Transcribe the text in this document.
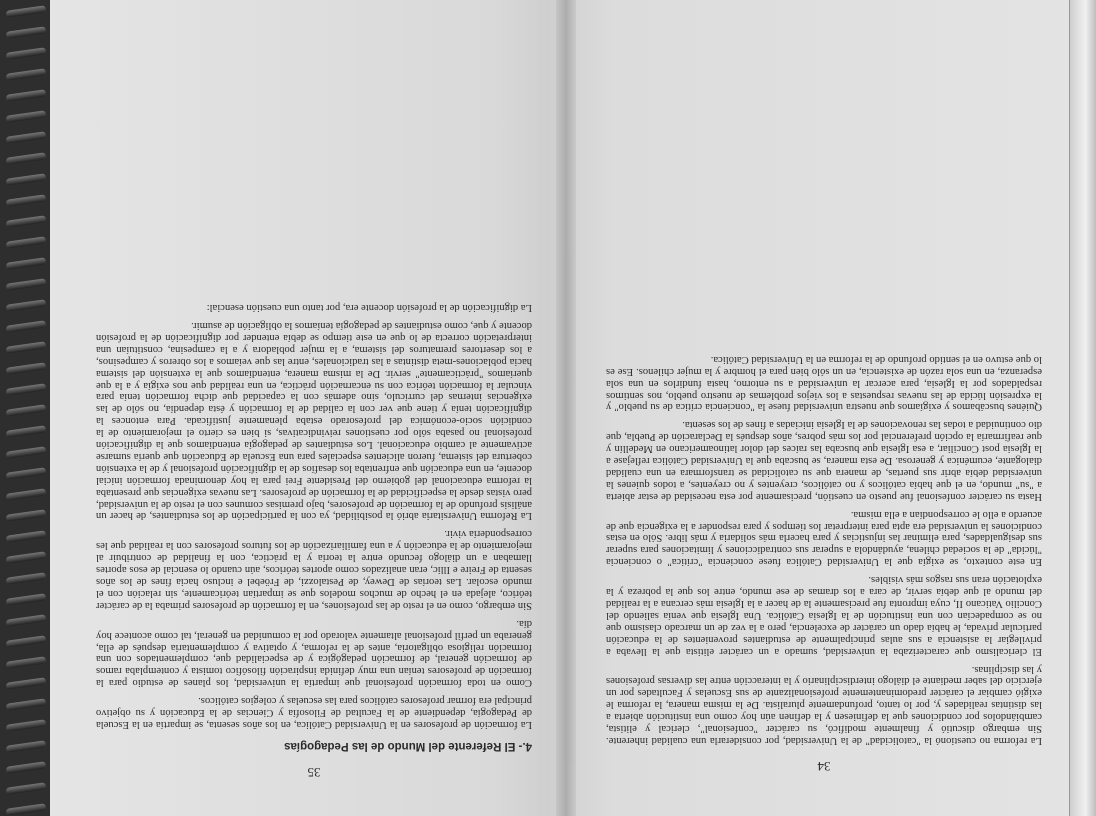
34

La reforma no cuestionó la "catolicidad" de la Universidad, por considerarla una cualidad inherente. Sin embargo discutió y finalmente modificó, su carácter "confesional", clerical y elitista, cambiándolos por condiciones que la definiesen y la definen aún hoy como una institución abierta a las distintas realidades y, por lo tanto, profundamente pluralista. De la misma manera, la reforma le exigió cambiar el carácter predominantemente profesionalizante de sus Escuelas y Facultades por un ejercicio del saber mediante el diálogo interdisciplinario y la interacción entre las diversas profesiones y las disciplinas.

El clericalismo que caracterizaba la universidad, sumado a un carácter elitista que la llevaba a privilegiar la asistencia a sus aulas principalmente de estudiantes provenientes de la educación particular privada, le había dado un carácter de excelencia, pero a la vez de un marcado clasismo que no se compadecían con una institución de la Iglesia Católica. Una Iglesia que venía saliendo del Concilio Vaticano II, cuya impronta fue precisamente la de hacer a la Iglesia más cercana a la realidad del mundo al que debía servir, de cara a los dramas de ese mundo, entre los que la pobreza y la explotación eran sus rasgos más visibles.

En este contexto, se exigía que la Universidad Católica fuese conciencia "crítica" o conciencia "lúcida" de la sociedad chilena, ayudándola a superar sus contradicciones y limitaciones para superar sus desigualdades, para eliminar las injusticias y para hacerla más solidaria y más libre. Sólo en estas condiciones la universidad era apta para interpretar los tiempos y para responder a la exigencia que de acuerdo a ello le correspondían a ella misma.

Hasta su carácter confesional fue puesto en cuestión, precisamente por esta necesidad de estar abierta a "su" mundo, en el que había católicos y no católicos, creyentes y no creyentes, a todos quienes la universidad debía abrir sus puertas, de manera que su catolicidad se transformara en una cualidad dialogante, ecuménica y generosa. De esta manera, se buscaba que la Universidad Católica reflejase a la Iglesia post Conciliar, a esa Iglesia que buscaba las raíces del dolor latinoamericano en Medellín y que reafirmaría la opción preferencial por los más pobres, años después la Declaración de Puebla, que dio continuidad a todas las renovaciones de la Iglesia iniciadas a fines de los sesenta.

Quiénes buscábamos y exigíamos que nuestra universidad fuese la "conciencia crítica de su pueblo" y la expresión lúcida de las nuevas respuestas a los viejos problemas de nuestro pueblo, nos sentimos respaldados por la Iglesia, para acercar la universidad a su entorno, hasta fundirlos en una sola esperanza, en una sola razón de existencia, en un sólo bien para el hombre y la mujer chilenos. Ese es lo que estuvo en el sentido profundo de la reforma en la Universidad Católica.

35
4.- El Referente del Mundo de las Pedagogías

La formación de profesores en la Universidad Católica, en los años sesenta, se impartía en la Escuela de Pedagogía, dependiente de la Facultad de Filosofía y Ciencias de la Educación y su objetivo principal era formar profesores católicos para las escuelas y colegios católicos.

Como en toda formación profesional que impartía la universidad, los planes de estudio para la formación de profesores tenían una muy definida inspiración filosófico tomista y contemplaba ramos de formación general, de formación pedagógica y de especialidad que, complementados con una formación religiosa obligatoria, antes de la reforma, y optativa y complementaria después de ella, generaba un perfil profesional altamente valorado por la comunidad en general, tal como acontece hoy día.

Sin embargo, como en el resto de las profesiones, en la formación de profesores primaba la de carácter teórico, alejada en el hecho de muchos modelos que se impartían teóricamente, sin relación con el mundo escolar. Las teorías de Dewey, de Pestalozzi, de Fröebel e incluso hacia fines de los años sesenta de Freire e Illic, eran analizados como aportes teóricos, aún cuando lo esencial de esos aportes llamaban a un diálogo fecundo entre la teoría y la práctica, con la finalidad de contribuir al mejoramiento de la educación y a una familiarización de los futuros profesores con la realidad que les correspondería vivir.

La Reforma Universitaria abrió la posibilidad, ya con la participación de los estudiantes, de hacer un análisis profundo de la formación de profesores, bajo premisas comunes con el resto de la universidad, pero vistas desde la especificidad de la formación de profesores. Las nuevas exigencias que presentaba la reforma educacional del gobierno del Presidente Frei para la hoy denominada formación inicial docente, en una educación que enfrentaba los desafíos de la dignificación profesional y de la extensión cobertura del sistema, fueron alicientes especiales para una Escuela de Educación que quería sumarse activamente al cambio educacional. Los estudiantes de pedagogía entendíamos que la dignificación profesional no pasaba sólo por cuestiones reivindicativas, si bien es cierto el mejoramiento de la condición socio-económica del profesorado estaba plenamente justificada. Para entonces la dignificación tenía y tiene que ver con la calidad de la formación y ésta dependía, no sólo de las exigencias internas del currículo, sino además con la capacidad que dicha formación tenía para vincular la formación teórica con su encarnación práctica, en una realidad que nos exigía y a la que queríamos "prácticamente" servir. De la misma manera, entendíamos que la extensión del sistema hacia poblaciones-meta distintas a las tradicionales, entre las que veíamos a los obreros y campesinos, a los desertores prematuros del sistema, a la mujer pobladora y a la campesina, constituían una interpretación correcta de lo que en este tiempo se debía entender por dignificación de la profesión docente y que, como estudiantes de pedagogía teníamos la obligación de asumir.

La dignificación de la profesión docente era, por tanto una cuestión esencial:
